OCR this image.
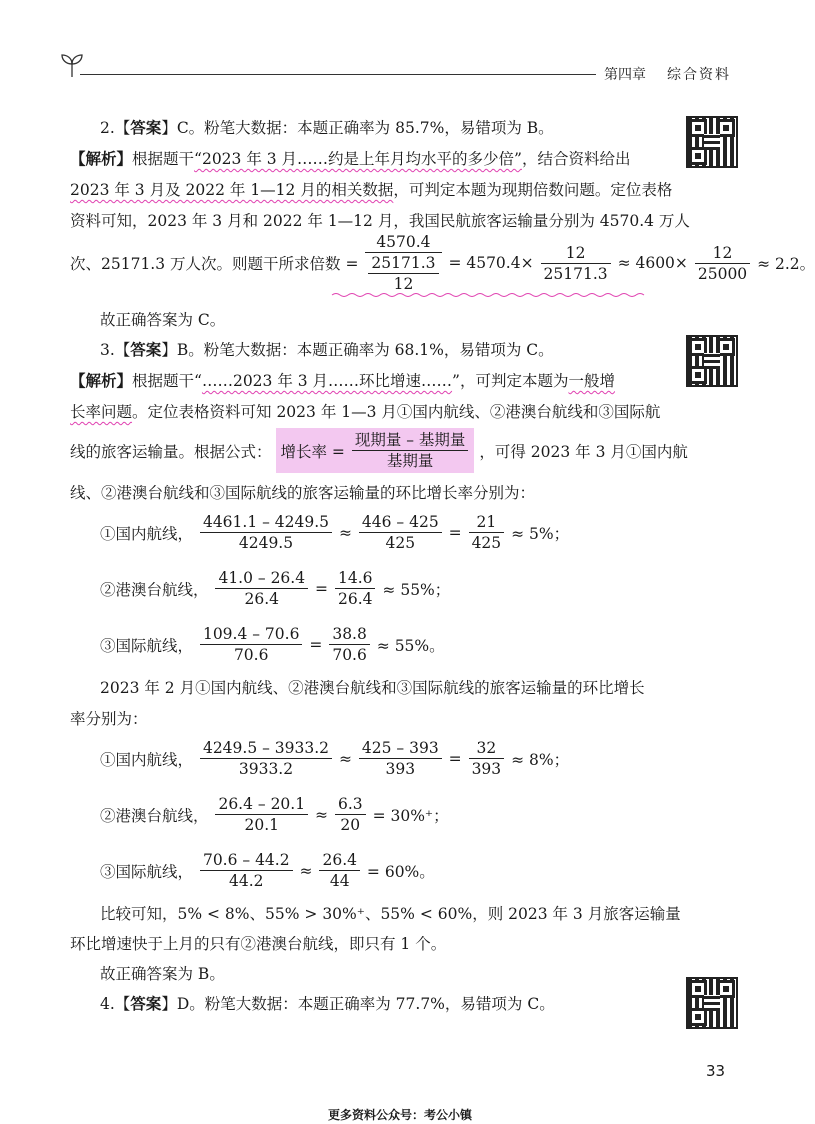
第四章 综合资料
2.【答案】C。粉笔大数据：本题正确率为 85.7%，易错项为 B。
【解析】根据题干“2023 年 3 月……约是上年月均水平的多少倍”，结合资料给出
2023 年 3 月及 2022 年 1—12 月的相关数据，可判定本题为现期倍数问题。定位表格
资料可知，2023 年 3 月和 2022 年 1—12 月，我国民航旅客运输量分别为 4570.4 万人
次、25171.3 万人次。则题干所求倍数 = 4570.4
25171.3
$12 = 4570.4\times \frac{12}{25171.3} \approx 4600\times \frac{12}{25000} \approx 2.2$。
故正确答案为 C。
3.【答案】B。粉笔大数据：本题正确率为 68.1%，易错项为 C。
【解析】根据题干“……2023 年 3 月……环比增速……”，可判定本题为一般增
长率问题。定位表格资料可知 2023 年 1—3 月①国内航线、②港澳台航线和③国际航
线的旅客运输量。根据公式： 增长率 = $\frac{\text{现期量 – 基期量}}{\text{基期量}}$ ，可得 2023 年 3 月①国内航
线、②港澳台航线和③国际航线的旅客运输量的环比增长率分别为：
①国内航线， $\frac{4461.1 - 4249.5}{4249.5} \approx \frac{446 - 425}{425} = \frac{21}{425} \approx 5\%$；
②港澳台航线， $\frac{41.0 - 26.4}{26.4} = \frac{14.6}{26.4} \approx 55\%$；
③国际航线， $\frac{109.4 - 70.6}{70.6} = \frac{38.8}{70.6} \approx 55\%$。
2023 年 2 月①国内航线、②港澳台航线和③国际航线的旅客运输量的环比增长
率分别为：
①国内航线， $\frac{4249.5 - 3933.2}{3933.2} \approx \frac{425 - 393}{393} = \frac{32}{393} \approx 8\%$；
②港澳台航线， $\frac{26.4 - 20.1}{20.1} \approx \frac{6.3}{20} = 30\%^+$；
③国际航线， $\frac{70.6 - 44.2}{44.2} \approx \frac{26.4}{44} = 60\%$。
比较可知，5% < 8%、55% > 30%⁺、55% < 60%，则 2023 年 3 月旅客运输量
环比增速快于上月的只有②港澳台航线，即只有 1 个。
故正确答案为 B。
4.【答案】D。粉笔大数据：本题正确率为 77.7%，易错项为 C。
33
更多资料公众号：考公小镇
